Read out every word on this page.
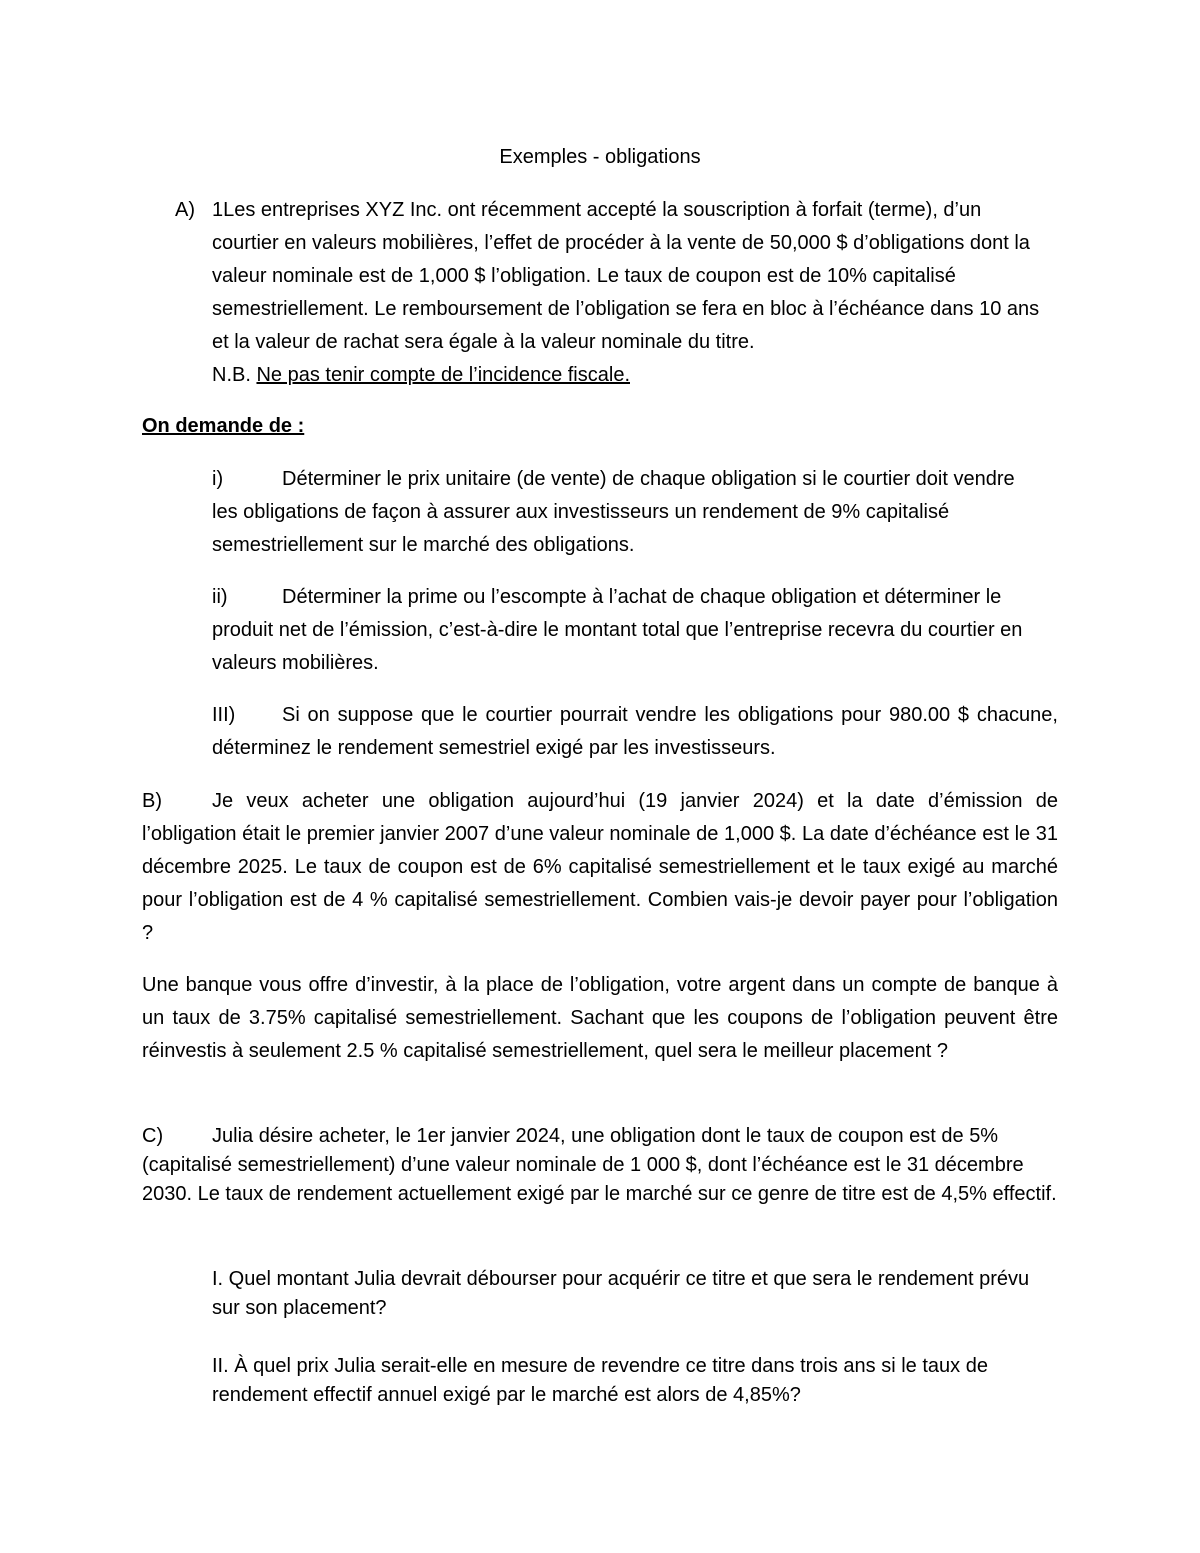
Exemples - obligations
A) 1Les entreprises XYZ Inc. ont récemment accepté la souscription à forfait (terme), d’un courtier en valeurs mobilières, l’effet de procéder à la vente de 50,000 $ d’obligations dont la valeur nominale est de 1,000 $ l’obligation. Le taux de coupon est de 10% capitalisé semestriellement. Le remboursement de l’obligation se fera en bloc à l’échéance dans 10 ans et la valeur de rachat sera égale à la valeur nominale du titre.
N.B. Ne pas tenir compte de l’incidence fiscale.

On demande de :
i)	Déterminer le prix unitaire (de vente) de chaque obligation si le courtier doit vendre les obligations de façon à assurer aux investisseurs un rendement de 9% capitalisé semestriellement sur le marché des obligations.
ii)	Déterminer la prime ou l’escompte à l’achat de chaque obligation et déterminer le produit net de l’émission, c’est-à-dire le montant total que l’entreprise recevra du courtier en valeurs mobilières.
III) Si on suppose que le courtier pourrait vendre les obligations pour 980.00 $ chacune, déterminez le rendement semestriel exigé par les investisseurs.
B)	Je veux acheter une obligation aujourd’hui (19 janvier 2024) et la date d’émission de l’obligation était le premier janvier 2007 d’une valeur nominale de 1,000 $. La date d’échéance est le 31 décembre 2025. Le taux de coupon est de 6% capitalisé semestriellement et le taux exigé au marché pour l’obligation est de 4 % capitalisé semestriellement. Combien vais-je devoir payer pour l’obligation ?
Une banque vous offre d’investir, à la place de l’obligation, votre argent dans un compte de banque à un taux de 3.75% capitalisé semestriellement. Sachant que les coupons de l’obligation peuvent être réinvestis à seulement 2.5 % capitalisé semestriellement, quel sera le meilleur placement ?
C) Julia désire acheter, le 1er janvier 2024, une obligation dont le taux de coupon est de 5% (capitalisé semestriellement) d’une valeur nominale de 1 000 $, dont l’échéance est le 31 décembre 2030. Le taux de rendement actuellement exigé par le marché sur ce genre de titre est de 4,5% effectif.
I. Quel montant Julia devrait débourser pour acquérir ce titre et que sera le rendement prévu sur son placement?
II. À quel prix Julia serait-elle en mesure de revendre ce titre dans trois ans si le taux de rendement effectif annuel exigé par le marché est alors de 4,85%?
